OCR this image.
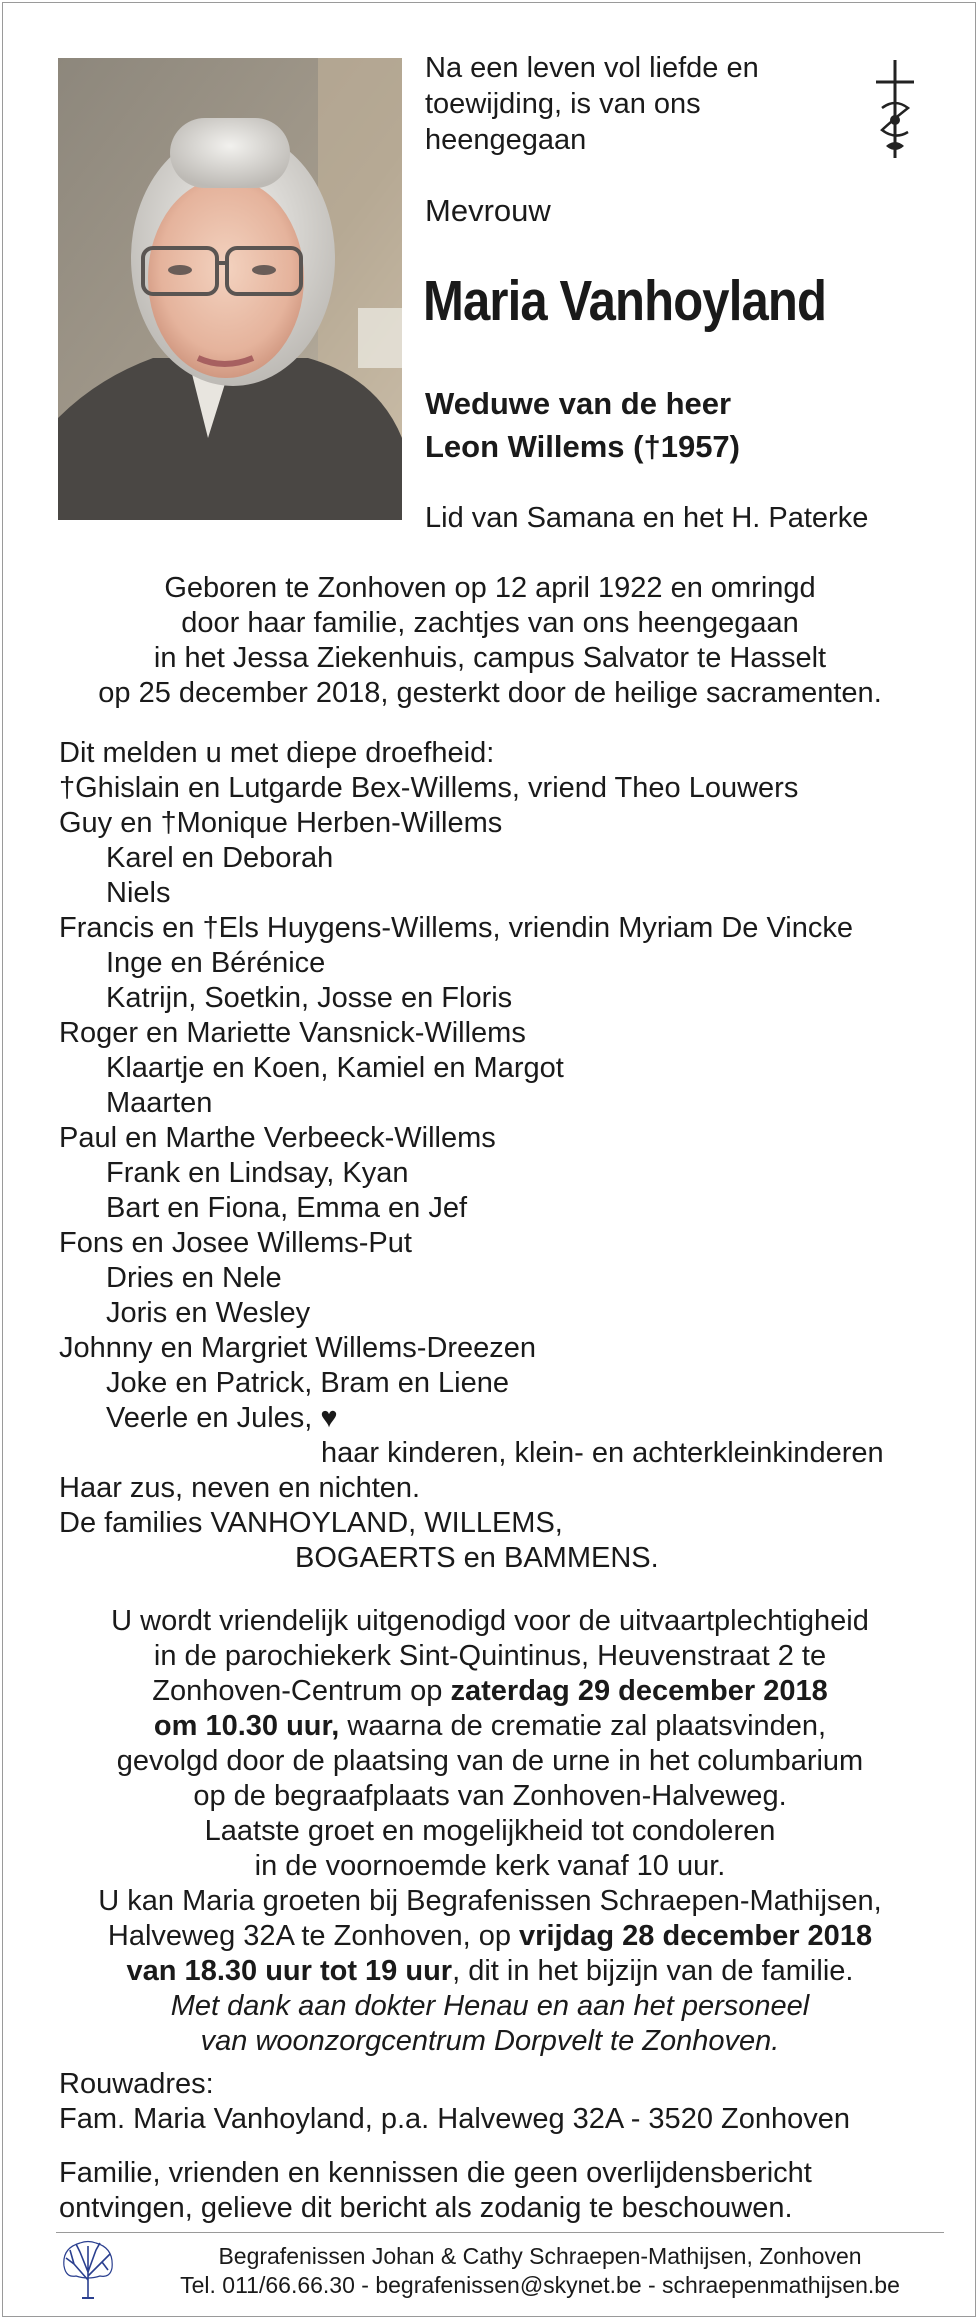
Na een leven vol liefde en
toewijding, is van ons
heengegaan
Mevrouw
Maria Vanhoyland
Weduwe van de heer
Leon Willems (†1957)
Lid van Samana en het H. Paterke
Geboren te Zonhoven op 12 april 1922 en omringd
door haar familie, zachtjes van ons heengegaan
in het Jessa Ziekenhuis, campus Salvator te Hasselt
op 25 december 2018, gesterkt door de heilige sacramenten.
Dit melden u met diepe droefheid:
†Ghislain en Lutgarde Bex-Willems, vriend Theo Louwers
Guy en †Monique Herben-Willems
Karel en Deborah
Niels
Francis en †Els Huygens-Willems, vriendin Myriam De Vincke
Inge en Bérénice
Katrijn, Soetkin, Josse en Floris
Roger en Mariette Vansnick-Willems
Klaartje en Koen, Kamiel en Margot
Maarten
Paul en Marthe Verbeeck-Willems
Frank en Lindsay, Kyan
Bart en Fiona, Emma en Jef
Fons en Josee Willems-Put
Dries en Nele
Joris en Wesley
Johnny en Margriet Willems-Dreezen
Joke en Patrick, Bram en Liene
Veerle en Jules, ♥
haar kinderen, klein- en achterkleinkinderen
Haar zus, neven en nichten.
De families VANHOYLAND, WILLEMS,
BOGAERTS en BAMMENS.
U wordt vriendelijk uitgenodigd voor de uitvaartplechtigheid
in de parochiekerk Sint-Quintinus, Heuvenstraat 2 te
Zonhoven-Centrum op zaterdag 29 december 2018
om 10.30 uur, waarna de crematie zal plaatsvinden,
gevolgd door de plaatsing van de urne in het columbarium
op de begraafplaats van Zonhoven-Halveweg.
Laatste groet en mogelijkheid tot condoleren
in de voornoemde kerk vanaf 10 uur.
U kan Maria groeten bij Begrafenissen Schraepen-Mathijsen,
Halveweg 32A te Zonhoven, op vrijdag 28 december 2018
van 18.30 uur tot 19 uur, dit in het bijzijn van de familie.
Met dank aan dokter Henau en aan het personeel
van woonzorgcentrum Dorpvelt te Zonhoven.
Rouwadres:
Fam. Maria Vanhoyland, p.a. Halveweg 32A - 3520 Zonhoven
Familie, vrienden en kennissen die geen overlijdensbericht
ontvingen, gelieve dit bericht als zodanig te beschouwen.
Begrafenissen Johan & Cathy Schraepen-Mathijsen, Zonhoven
Tel. 011/66.66.30 - begrafenissen@skynet.be - schraepenmathijsen.be
